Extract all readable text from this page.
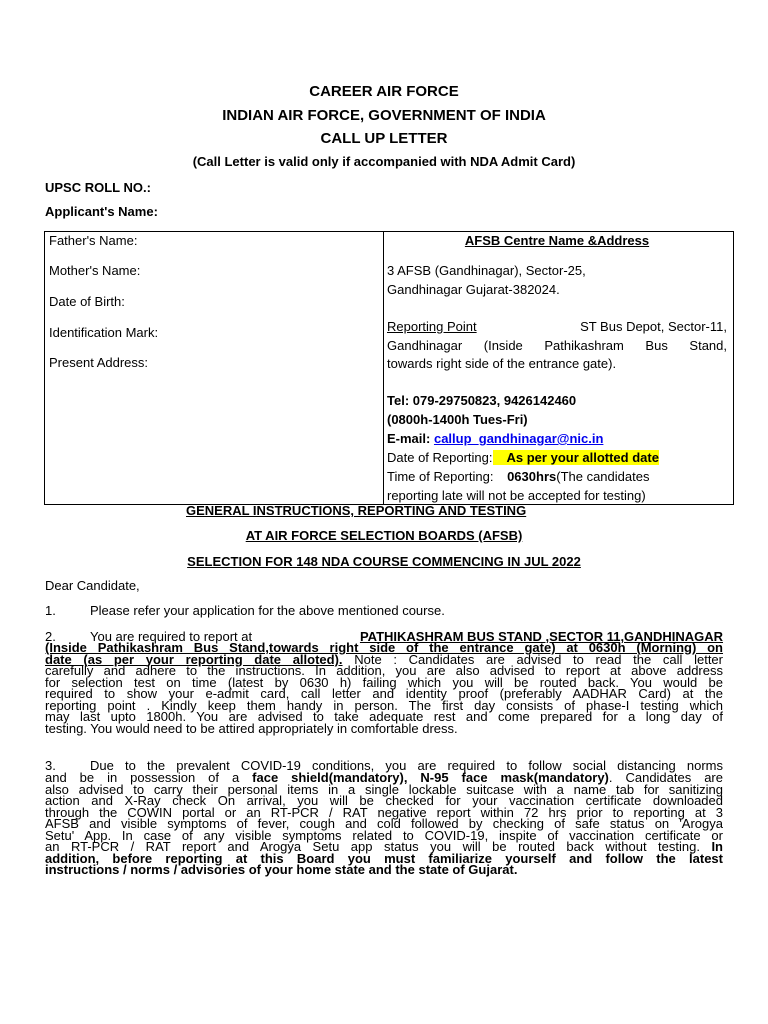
CAREER AIR FORCE
INDIAN AIR FORCE, GOVERNMENT OF INDIA
CALL UP LETTER
(Call Letter is valid only if accompanied with NDA Admit Card)
UPSC ROLL NO.:
Applicant's Name:
Father's Name:
Mother's Name:
Date of Birth:
Identification Mark:
Present Address:

AFSB Centre Name &Address
3 AFSB (Gandhinagar), Sector-25,
Gandhinagar Gujarat-382024.
Reporting Point	ST Bus Depot, Sector-11,
Gandhinagar (Inside Pathikashram Bus Stand,
towards right side of the entrance gate).
Tel: 079-29750823, 9426142460
(0800h-1400h Tues-Fri)
E-mail: callup_gandhinagar@nic.in
Date of Reporting: As per your allotted date
Time of Reporting: 0630hrs(The candidates
reporting late will not be accepted for testing)
GENERAL INSTRUCTIONS, REPORTING AND TESTING
AT AIR FORCE SELECTION BOARDS (AFSB)
SELECTION FOR 148 NDA COURSE COMMENCING IN JUL 2022
Dear Candidate,
1.	Please refer your application for the above mentioned course.
2.	You are required to report at	PATHIKASHRAM BUS STAND ,SECTOR 11,GANDHINAGAR
(Inside Pathikashram Bus Stand,towards right side of the entrance gate) at 0630h (Morning) on
date (as per your reporting date alloted). Note : Candidates are advised to read the call letter
carefully and adhere to the instructions. In addition, you are also advised to report at above address
for selection test on time (latest by 0630 h) failing which you will be routed back. You would be
required to show your e-admit card, call letter and identity proof (preferably AADHAR Card) at the
reporting point . Kindly keep them handy in person. The first day consists of phase-I testing which
may last upto 1800h. You are advised to take adequate rest and come prepared for a long day of
testing. You would need to be attired appropriately in comfortable dress.
3.	Due to the prevalent COVID-19 conditions, you are required to follow social distancing norms
and be in possession of a face shield(mandatory), N-95 face mask(mandatory). Candidates are
also advised to carry their personal items in a single lockable suitcase with a name tab for sanitizing
action and X-Ray check On arrival, you will be checked for your vaccination certificate downloaded
through the COWIN portal or an RT-PCR / RAT negative report within 72 hrs prior to reporting at 3
AFSB and visible symptoms of fever, cough and cold followed by checking of safe status on 'Arogya
Setu' App. In case of any visible symptoms related to COVID-19, inspite of vaccination certificate or
an RT-PCR / RAT report and Arogya Setu app status you will be routed back without testing. In
addition, before reporting at this Board you must familiarize yourself and follow the latest
instructions / norms / advisories of your home state and the state of Gujarat.
